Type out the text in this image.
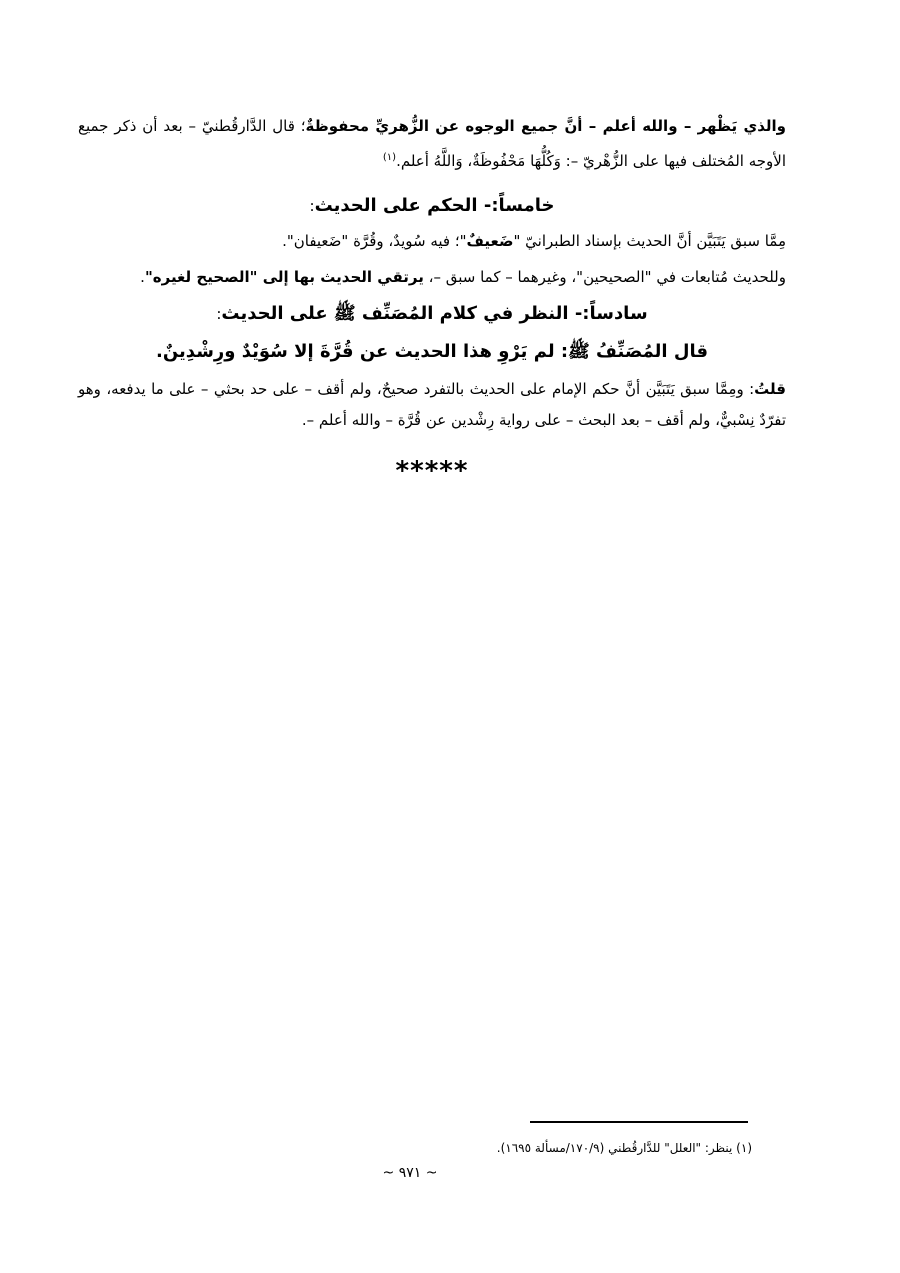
والذي يَظْهر – والله أعلم – أنَّ جميع الوجوه عن الزُّهريِّ محفوظةٌ؛ قال الدَّارقُطنيّ – بعد أن ذكر جميع الأوجه المُختلف فيها على الزُّهْريّ –: وَكُلُّهَا مَحْفُوظَةٌ، وَاللَّهُ أعلم.$^{(١)}$
خامساً:- الحكم على الحديث:
مِمَّا سبق يَتَبَيَّن أنَّ الحديث بإسناد الطبرانيّ "ضَعيفٌ"؛ فيه سُويدٌ، وقُرَّة "ضَعيفان".
وللحديث مُتابعات في "الصحيحين"، وغيرهما – كما سبق –، يرتقي الحديث بها إلى "الصحيح لغيره".
سادساً:- النظر في كلام المُصَنِّف ﷺ على الحديث:
قال المُصَنِّفُ ﷺ: لم يَرْوِ هذا الحديث عن قُرَّةَ إلا سُوَيْدٌ ورِشْدِينٌ.
قلتُ: ومِمَّا سبق يَتَبَيَّن أنَّ حكم الإمام على الحديث بالتفرد صحيحٌ، ولم أقف – على حد بحثي – على ما يدفعه، وهو تفرّدٌ نِسْبيٌّ، ولم أقف – بعد البحث – على رواية رِشْدين عن قُرَّة – والله أعلم –.
*****
(١) ينظر: "العلل" للدَّارقُطني (١٧٠/٩/مسألة ١٦٩٥).
~ ٩٧١ ~
